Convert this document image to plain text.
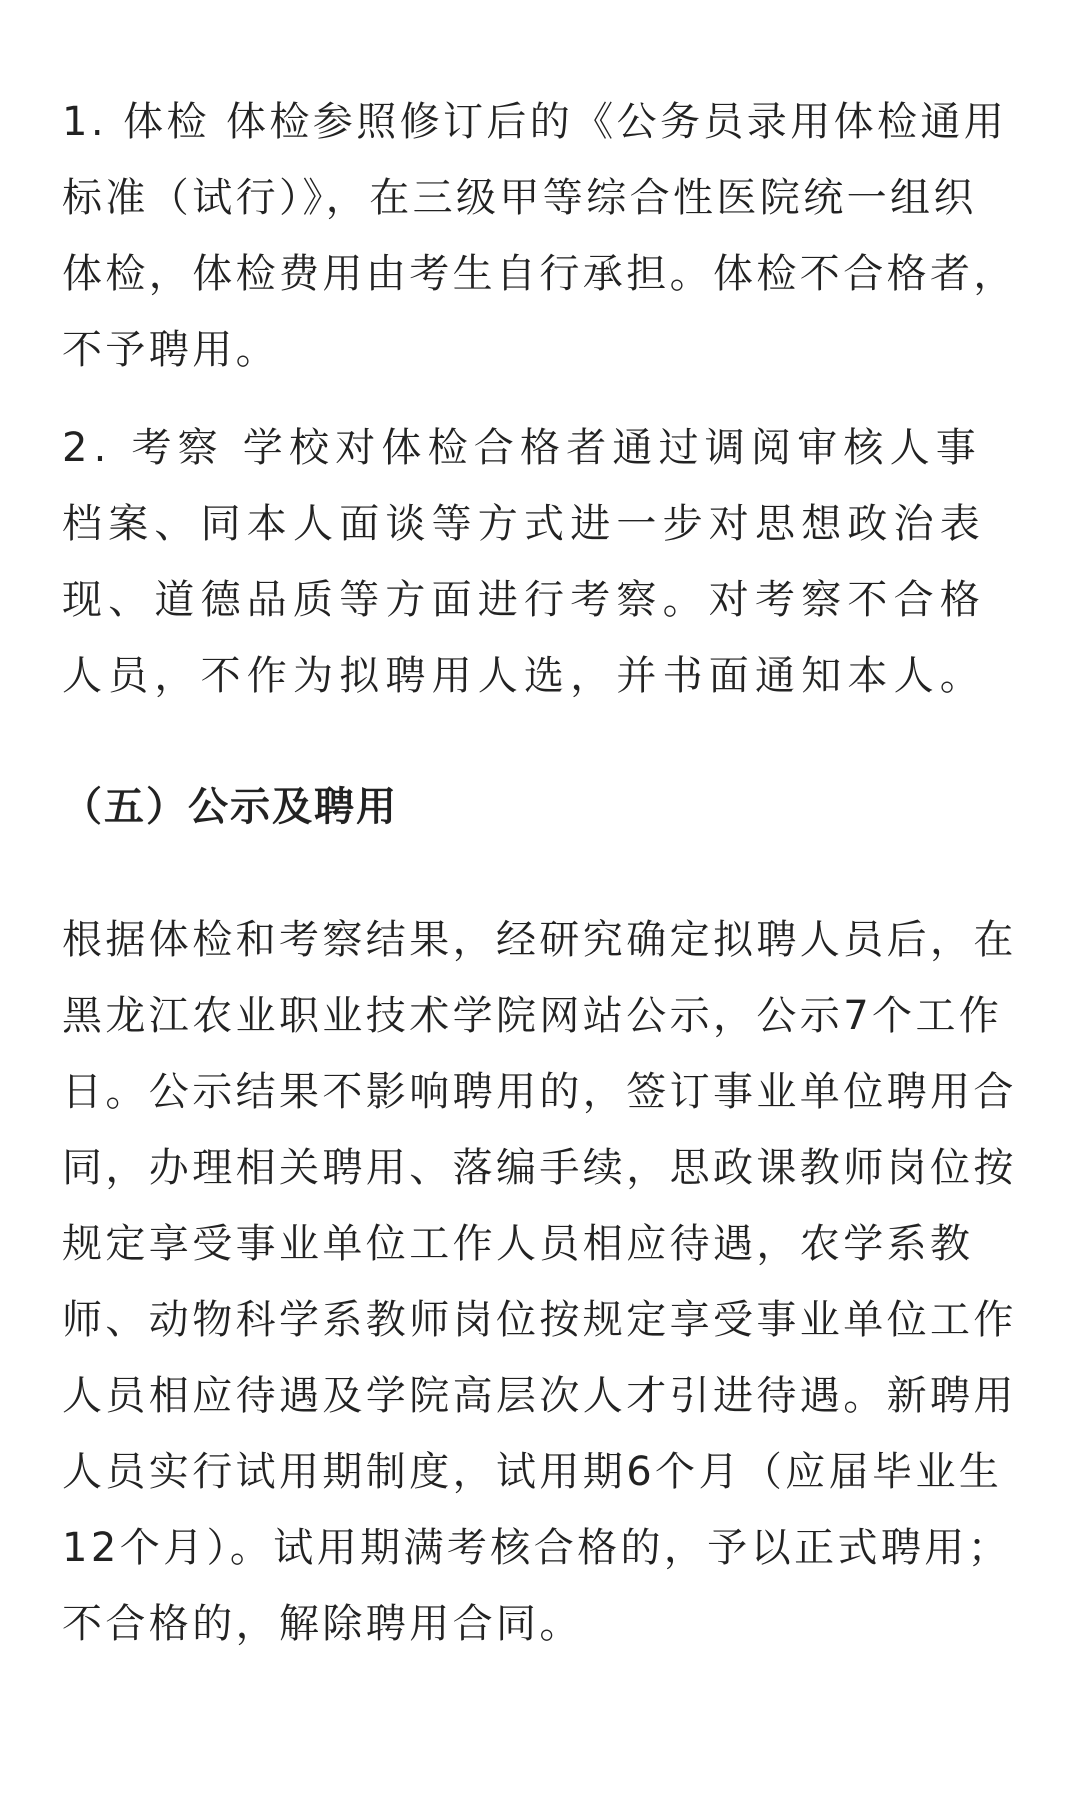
1. 体检 体检参照修订后的《公务员录用体检通用标准（试行）》，在三级甲等综合性医院统一组织体检，体检费用由考生自行承担。体检不合格者，不予聘用。

2. 考察 学校对体检合格者通过调阅审核人事档案、同本人面谈等方式进一步对思想政治表现、道德品质等方面进行考察。对考察不合格人员，不作为拟聘用人选，并书面通知本人。

（五）公示及聘用

根据体检和考察结果，经研究确定拟聘人员后，在黑龙江农业职业技术学院网站公示，公示7个工作日。公示结果不影响聘用的，签订事业单位聘用合同，办理相关聘用、落编手续，思政课教师岗位按规定享受事业单位工作人员相应待遇，农学系教师、动物科学系教师岗位按规定享受事业单位工作人员相应待遇及学院高层次人才引进待遇。新聘用人员实行试用期制度，试用期6个月（应届毕业生12个月）。试用期满考核合格的，予以正式聘用；不合格的，解除聘用合同。
